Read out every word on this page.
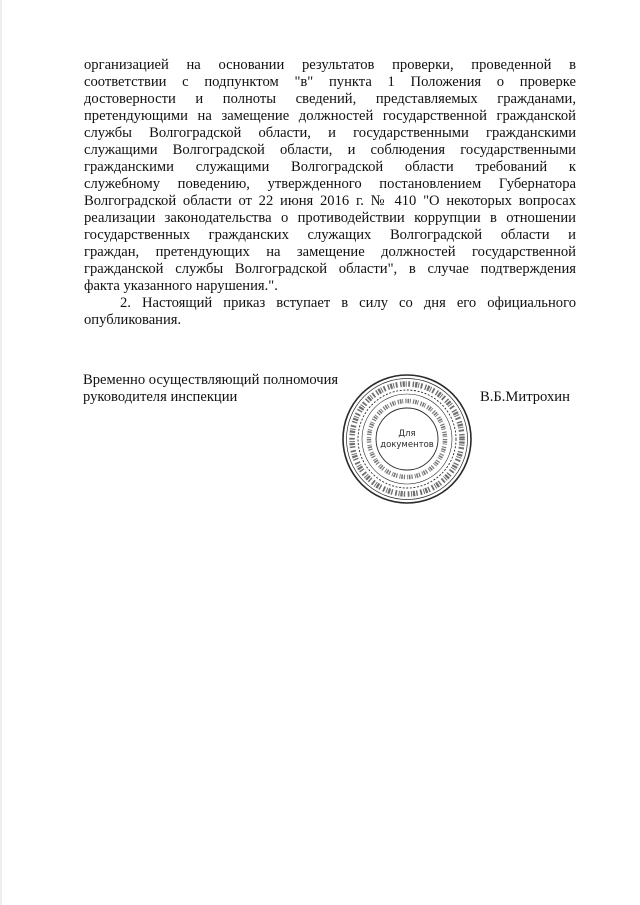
организацией на основании результатов проверки, проведенной в
соответствии с подпунктом "в" пункта 1 Положения о проверке
достоверности и полноты сведений, представляемых гражданами,
претендующими на замещение должностей государственной гражданской
службы Волгоградской области, и государственными гражданскими
служащими Волгоградской области, и соблюдения государственными
гражданскими служащими Волгоградской области требований к
служебному поведению, утвержденного постановлением Губернатора
Волгоградской области от 22 июня 2016 г. № 410 "О некоторых вопросах
реализации законодательства о противодействии коррупции в отношении
государственных гражданских служащих Волгоградской области и
граждан, претендующих на замещение должностей государственной
гражданской службы Волгоградской области", в случае подтверждения
факта указанного нарушения.".
2. Настоящий приказ вступает в силу со дня его официального
опубликования.
Временно осуществляющий полномочия
руководителя инспекции	В.Б.Митрохин
Для
документов
